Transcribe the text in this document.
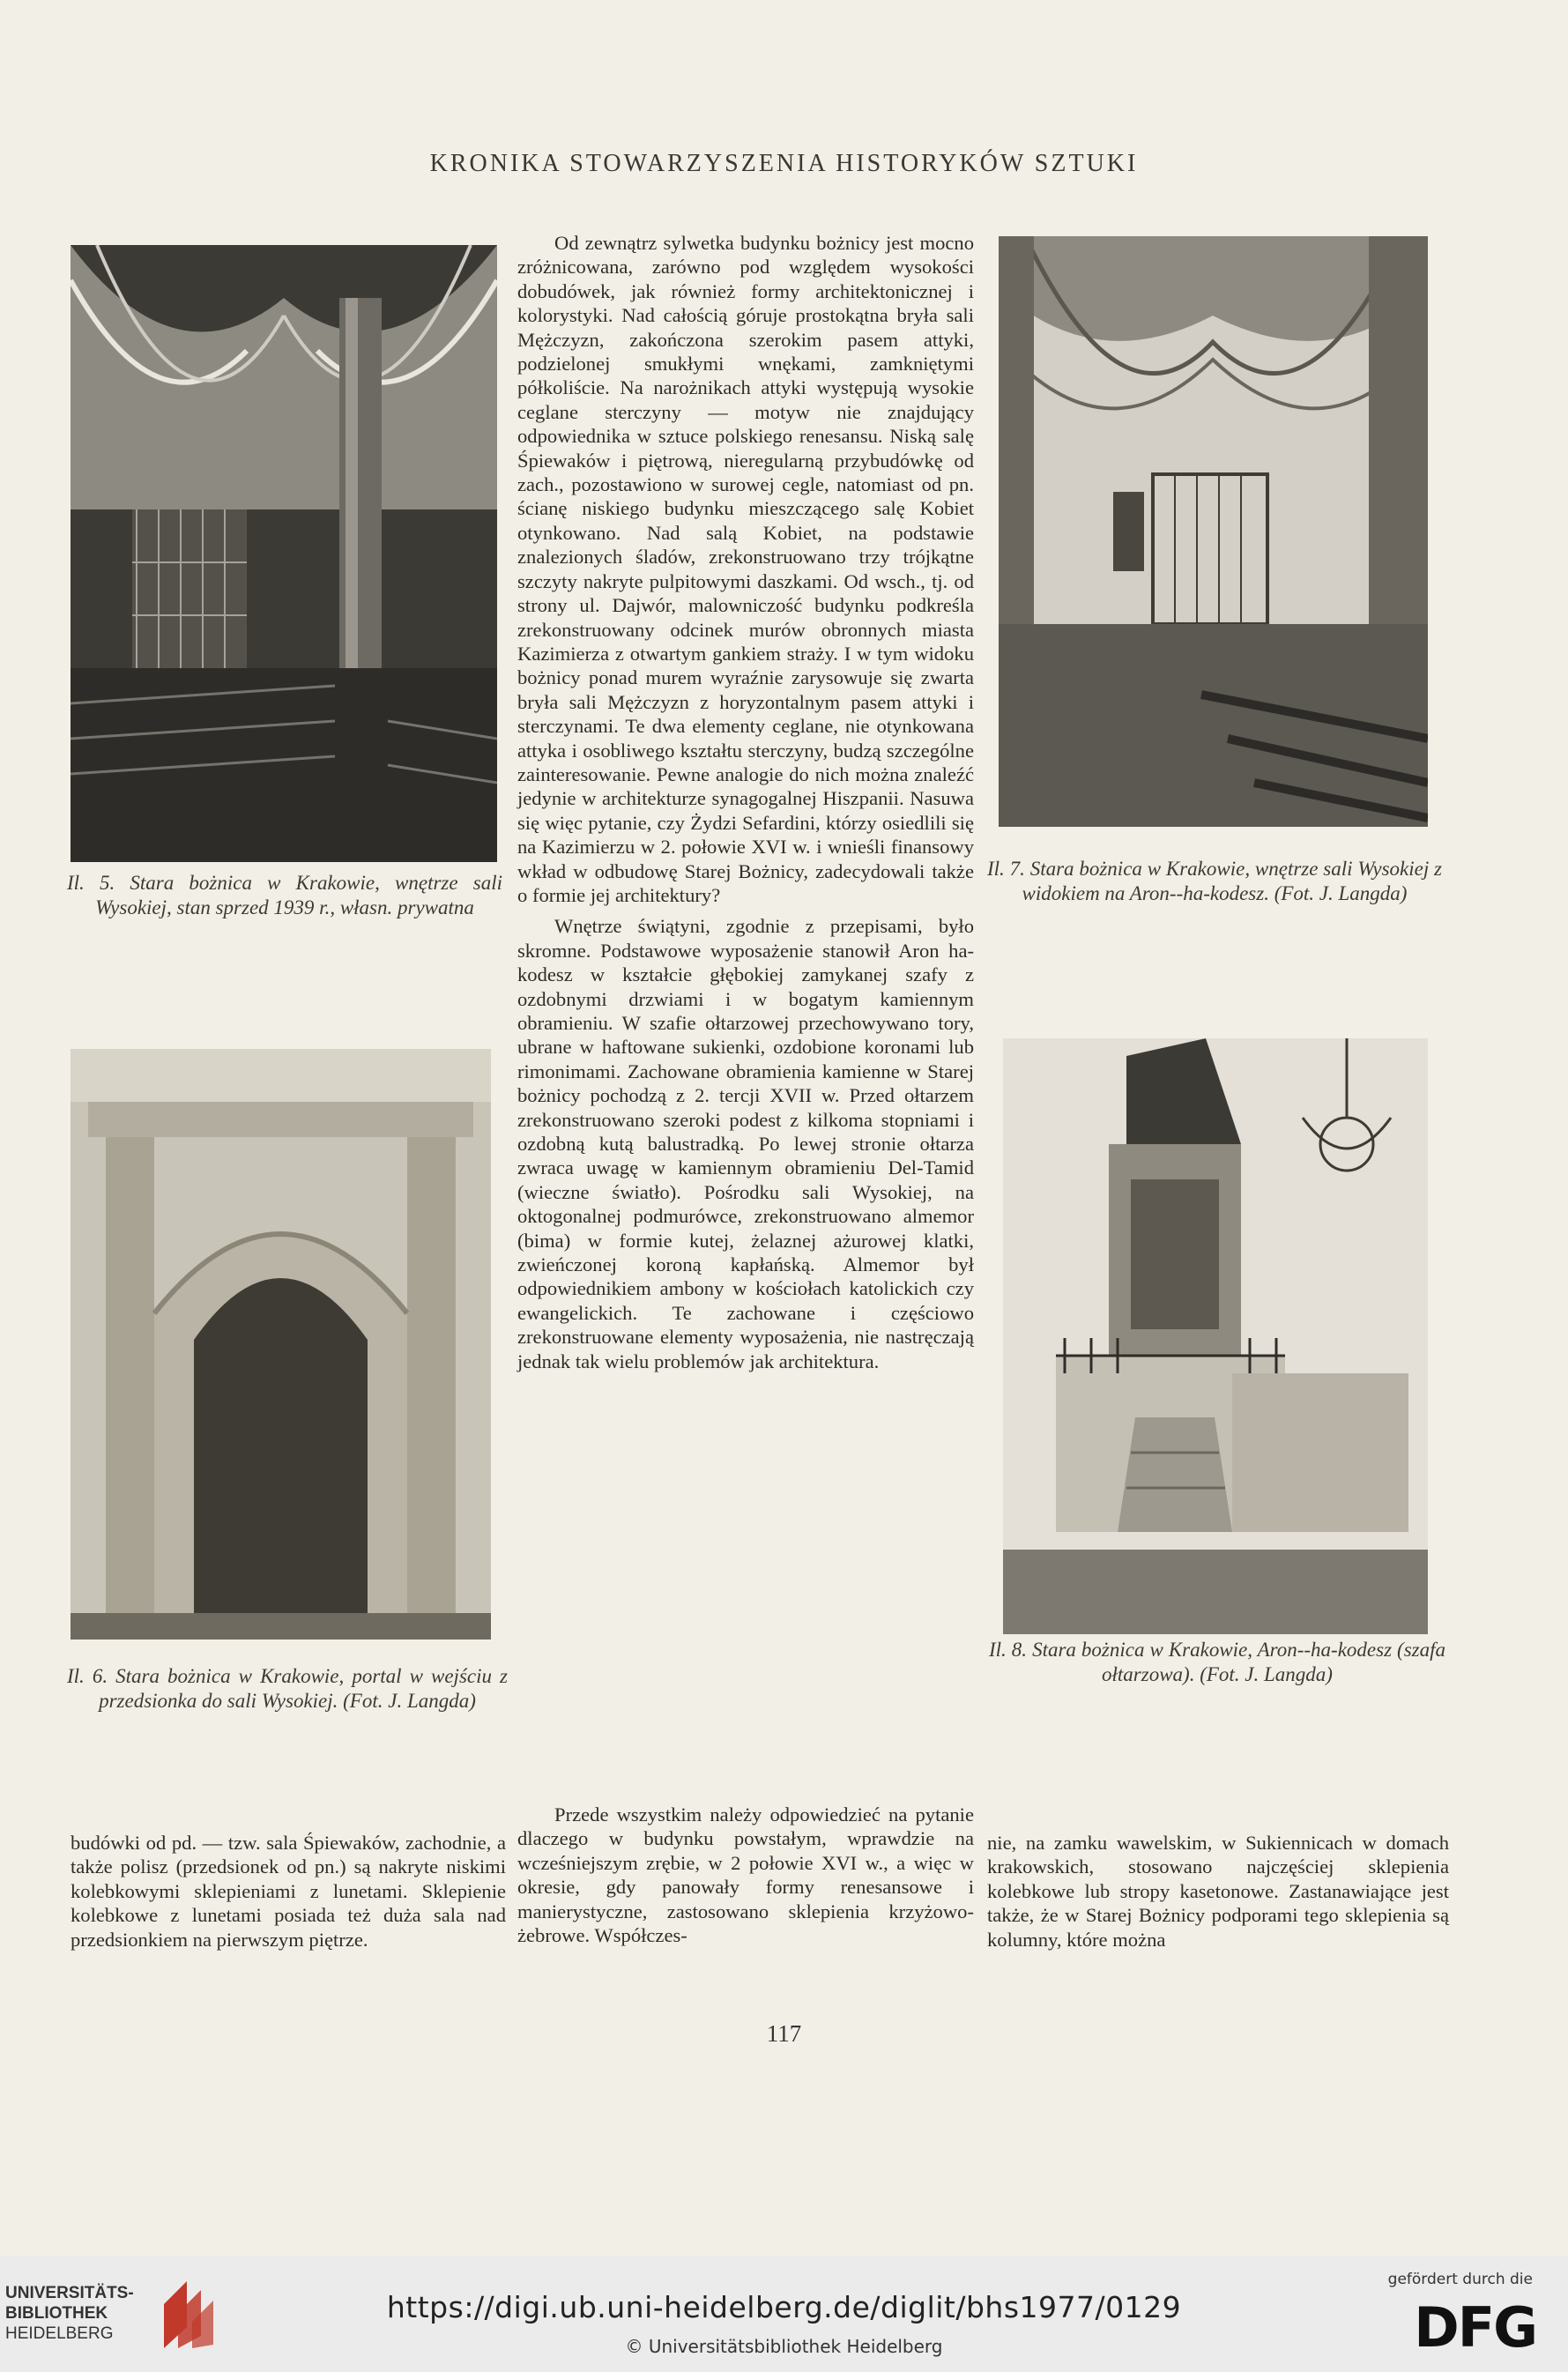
KRONIKA STOWARZYSZENIA HISTORYKÓW SZTUKI
Il. 5. Stara bożnica w Krakowie, wnętrze sali Wysokiej, stan sprzed 1939 r., własn. prywatna
Il. 6. Stara bożnica w Krakowie, portal w wejściu z przedsionka do sali Wysokiej. (Fot. J. Langda)
Il. 7. Stara bożnica w Krakowie, wnętrze sali Wysokiej z widokiem na Aron--ha-kodesz. (Fot. J. Langda)
Il. 8. Stara bożnica w Krakowie, Aron--ha-kodesz (szafa ołtarzowa). (Fot. J. Langda)

Od zewnątrz sylwetka budynku bożnicy jest mocno zróżnicowana, zarówno pod względem wysokości dobudówek, jak również formy architektonicznej i kolorystyki. Nad całością góruje prostokątna bryła sali Mężczyzn, zakończona szerokim pasem attyki, podzielonej smukłymi wnękami, zamkniętymi półkoliście. Na narożnikach attyki występują wysokie ceglane sterczyny — motyw nie znajdujący odpowiednika w sztuce polskiego renesansu. Niską salę Śpiewaków i piętrową, nieregularną przybudówkę od zach., pozostawiono w surowej cegle, natomiast od pn. ścianę niskiego budynku mieszczącego salę Kobiet otynkowano. Nad salą Kobiet, na podstawie znalezionych śladów, zrekonstruowano trzy trójkątne szczyty nakryte pulpitowymi daszkami. Od wsch., tj. od strony ul. Dajwór, malowniczość budynku podkreśla zrekonstruowany odcinek murów obronnych miasta Kazimierza z otwartym gankiem straży. I w tym widoku bożnicy ponad murem wyraźnie zarysowuje się zwarta bryła sali Mężczyzn z horyzontalnym pasem attyki i sterczynami. Te dwa elementy ceglane, nie otynkowana attyka i osobliwego kształtu sterczyny, budzą szczególne zainteresowanie. Pewne analogie do nich można znaleźć jedynie w architekturze synagogalnej Hiszpanii. Nasuwa się więc pytanie, czy Żydzi Sefardini, którzy osiedlili się na Kazimierzu w 2. połowie XVI w. i wnieśli finansowy wkład w odbudowę Starej Bożnicy, zadecydowali także o formie jej architektury?

Wnętrze świątyni, zgodnie z przepisami, było skromne. Podstawowe wyposażenie stanowił Aron ha-kodesz w kształcie głębokiej zamykanej szafy z ozdobnymi drzwiami i w bogatym kamiennym obramieniu. W szafie ołtarzowej przechowywano tory, ubrane w haftowane sukienki, ozdobione koronami lub rimonimami. Zachowane obramienia kamienne w Starej bożnicy pochodzą z 2. tercji XVII w. Przed ołtarzem zrekonstruowano szeroki podest z kilkoma stopniami i ozdobną kutą balustradką. Po lewej stronie ołtarza zwraca uwagę w kamiennym obramieniu Del-Tamid (wieczne światło). Pośrodku sali Wysokiej, na oktogonalnej podmurówce, zrekonstruowano almemor (bima) w formie kutej, żelaznej ażurowej klatki, zwieńczonej koroną kapłańską. Almemor był odpowiednikiem ambony w kościołach katolickich czy ewangelickich. Te zachowane i częściowo zrekonstruowane elementy wyposażenia, nie nastręczają jednak tak wielu problemów jak architektura.

budówki od pd. — tzw. sala Śpiewaków, zachodnie, a także polisz (przedsionek od pn.) są nakryte niskimi kolebkowymi sklepieniami z lunetami. Sklepienie kolebkowe z lunetami posiada też duża sala nad przedsionkiem na pierwszym piętrze.

Przede wszystkim należy odpowiedzieć na pytanie dlaczego w budynku powstałym, wprawdzie na wcześniejszym zrębie, w 2 połowie XVI w., a więc w okresie, gdy panowały formy renesansowe i manierystyczne, zastosowano sklepienia krzyżowo-żebrowe. Współczes-

nie, na zamku wawelskim, w Sukiennicach w domach krakowskich, stosowano najczęściej sklepienia kolebkowe lub stropy kasetonowe. Zastanawiające jest także, że w Starej Bożnicy podporami tego sklepienia są kolumny, które można

117
UNIVERSITÄTS-
BIBLIOTHEK
HEIDELBERG
https://digi.ub.uni-heidelberg.de/diglit/bhs1977/0129
© Universitätsbibliothek Heidelberg
gefördert durch die
DFG
